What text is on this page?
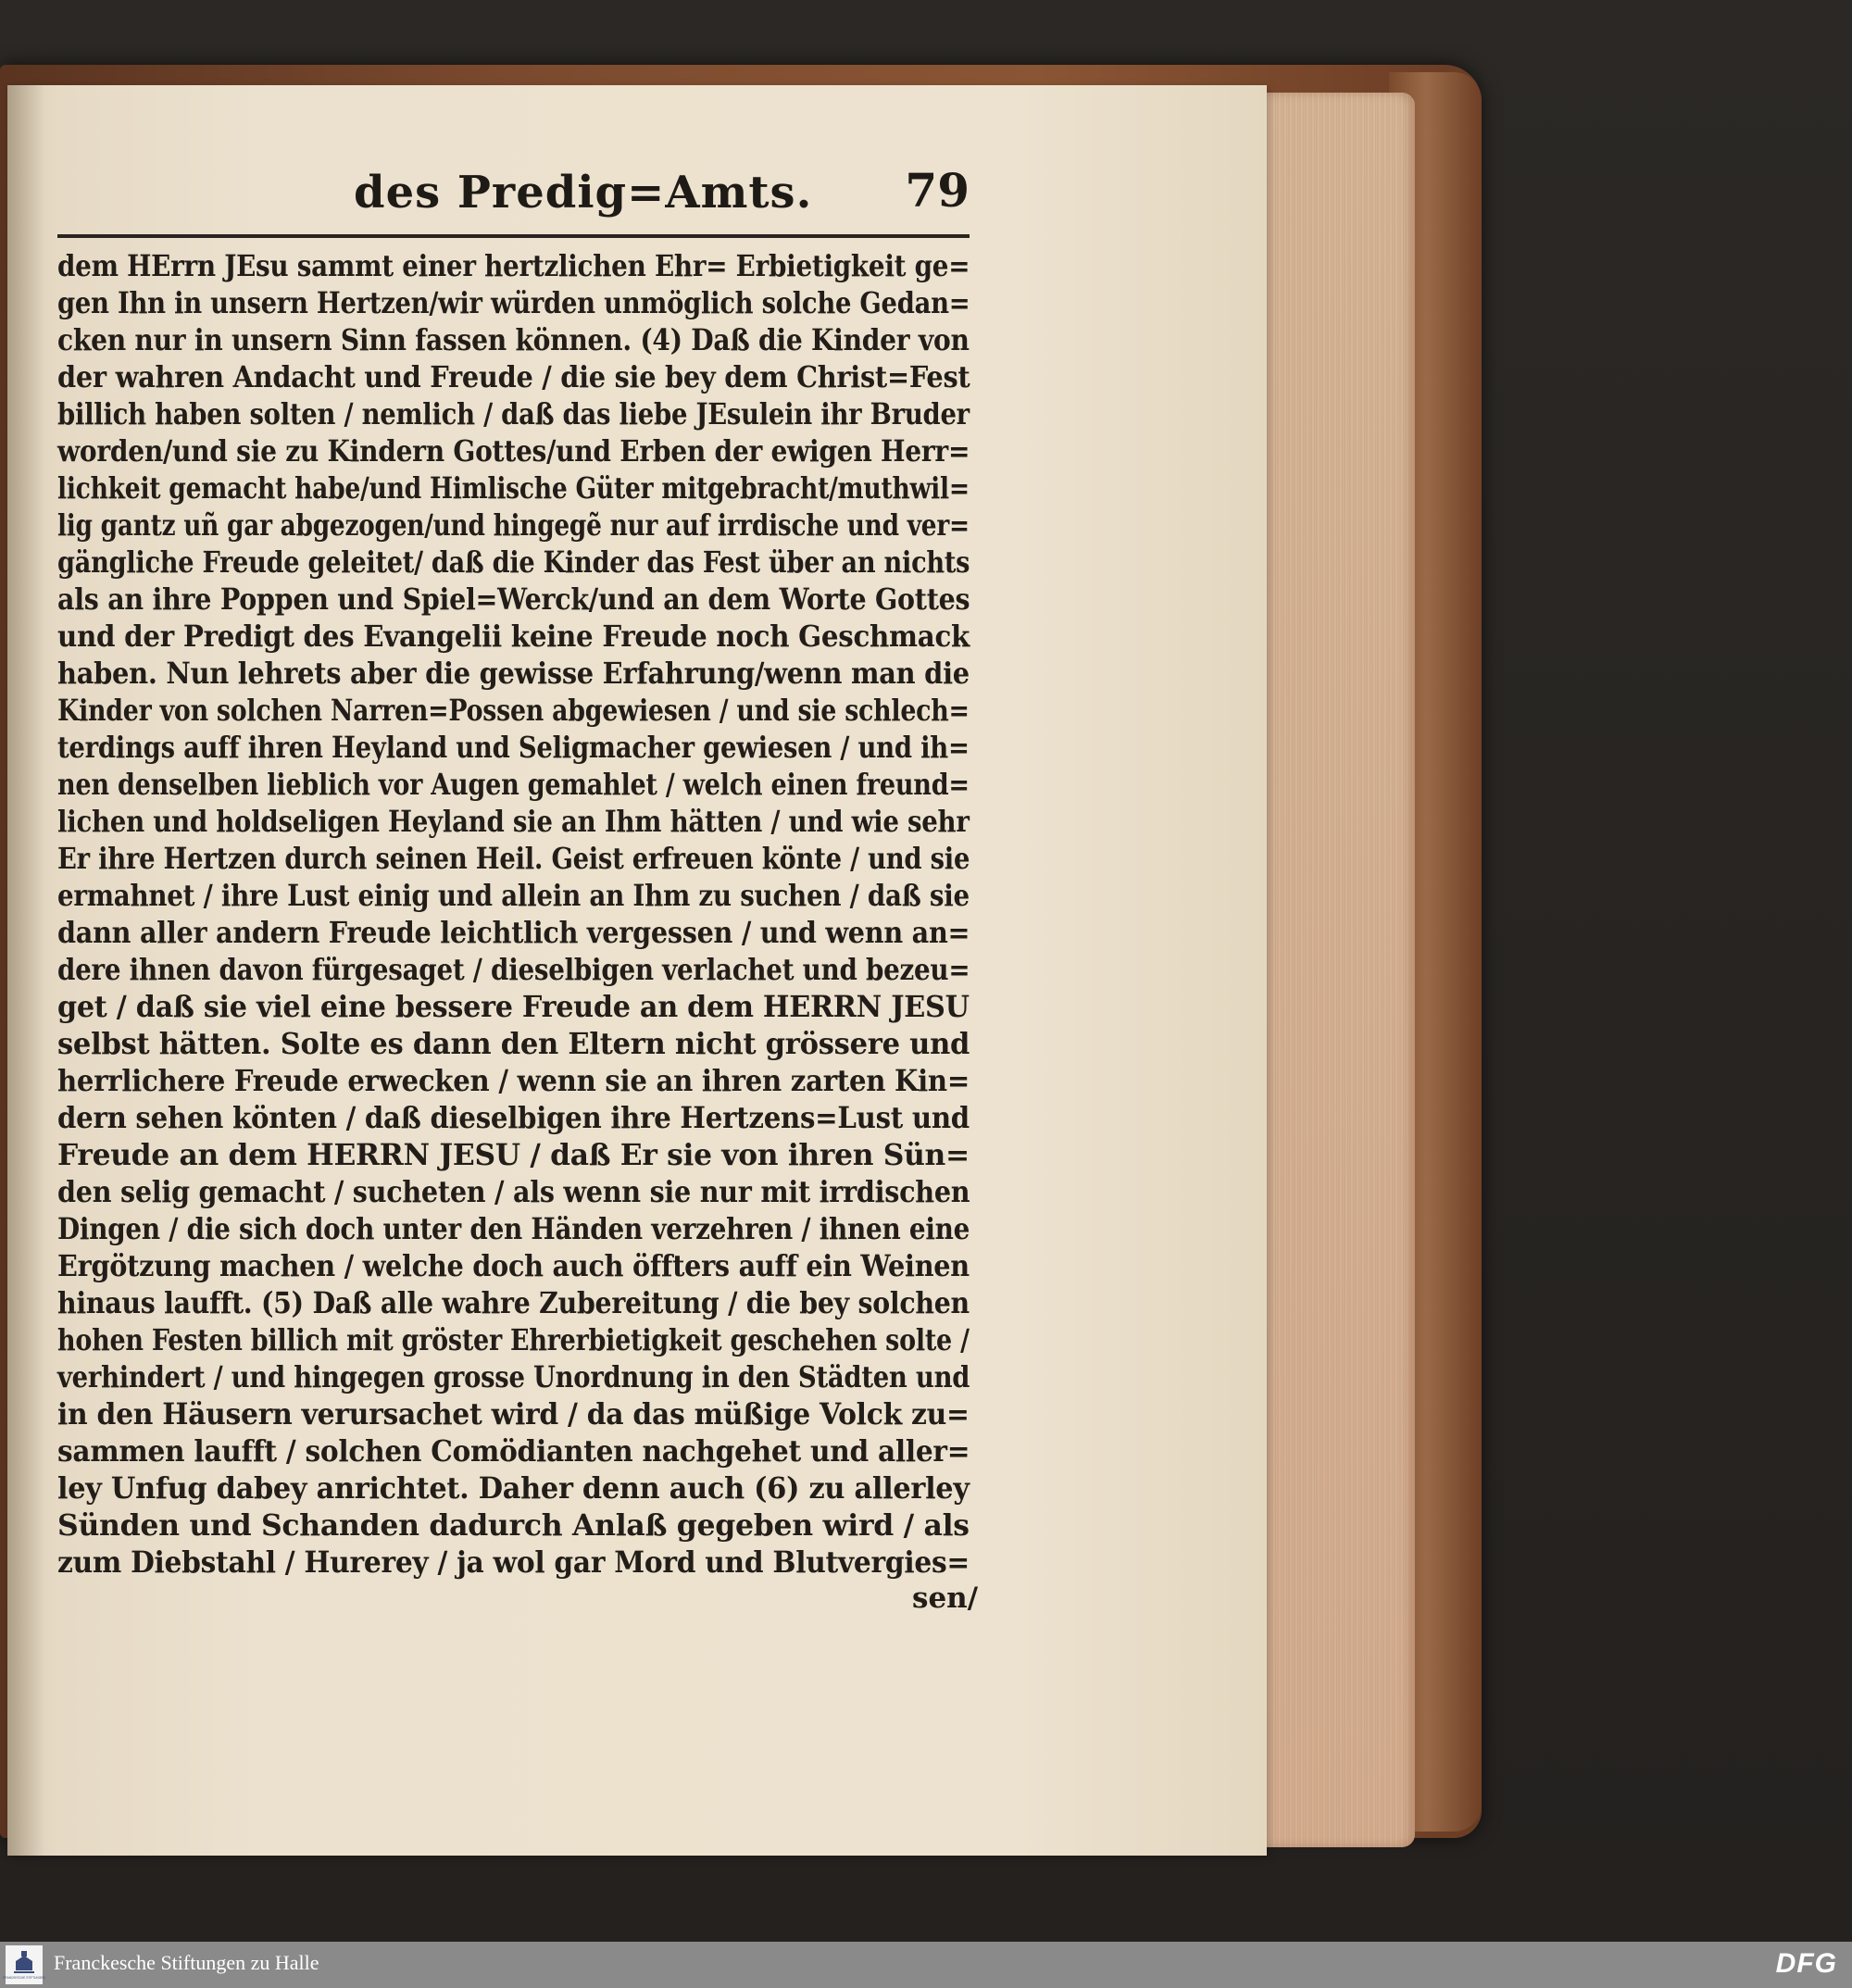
des Predig=Amts. 79
dem HErrn JEsu sammt einer hertzlichen Ehr= Erbietigkeit ge=
gen Ihn in unsern Hertzen/wir würden unmöglich solche Gedan=
cken nur in unsern Sinn fassen können. (4) Daß die Kinder von
der wahren Andacht und Freude / die sie bey dem Christ=Fest
billich haben solten / nemlich / daß das liebe JEsulein ihr Bruder
worden/und sie zu Kindern Gottes/und Erben der ewigen Herr=
lichkeit gemacht habe/und Himlische Güter mitgebracht/muthwil=
lig gantz uñ gar abgezogen/und hingegẽ nur auf irrdische und ver=
gängliche Freude geleitet/ daß die Kinder das Fest über an nichts
als an ihre Poppen und Spiel=Werck/und an dem Worte Gottes
und der Predigt des Evangelii keine Freude noch Geschmack
haben. Nun lehrets aber die gewisse Erfahrung/wenn man die
Kinder von solchen Narren=Possen abgewiesen / und sie schlech=
terdings auff ihren Heyland und Seligmacher gewiesen / und ih=
nen denselben lieblich vor Augen gemahlet / welch einen freund=
lichen und holdseligen Heyland sie an Ihm hätten / und wie sehr
Er ihre Hertzen durch seinen Heil. Geist erfreuen könte / und sie
ermahnet / ihre Lust einig und allein an Ihm zu suchen / daß sie
dann aller andern Freude leichtlich vergessen / und wenn an=
dere ihnen davon fürgesaget / dieselbigen verlachet und bezeu=
get / daß sie viel eine bessere Freude an dem HERRN JESU
selbst hätten. Solte es dann den Eltern nicht grössere und
herrlichere Freude erwecken / wenn sie an ihren zarten Kin=
dern sehen könten / daß dieselbigen ihre Hertzens=Lust und
Freude an dem HERRN JESU / daß Er sie von ihren Sün=
den selig gemacht / sucheten / als wenn sie nur mit irrdischen
Dingen / die sich doch unter den Händen verzehren / ihnen eine
Ergötzung machen / welche doch auch öffters auff ein Weinen
hinaus laufft. (5) Daß alle wahre Zubereitung / die bey solchen
hohen Festen billich mit gröster Ehrerbietigkeit geschehen solte /
verhindert / und hingegen grosse Unordnung in den Städten und
in den Häusern verursachet wird / da das müßige Volck zu=
sammen laufft / solchen Comödianten nachgehet und aller=
ley Unfug dabey anrichtet. Daher denn auch (6) zu allerley
Sünden und Schanden dadurch Anlaß gegeben wird / als
zum Diebstahl / Hurerey / ja wol gar Mord und Blutvergies=
sen/
FRANCKESCHE STIFTUNGEN
Franckesche Stiftungen zu Halle	DFG
